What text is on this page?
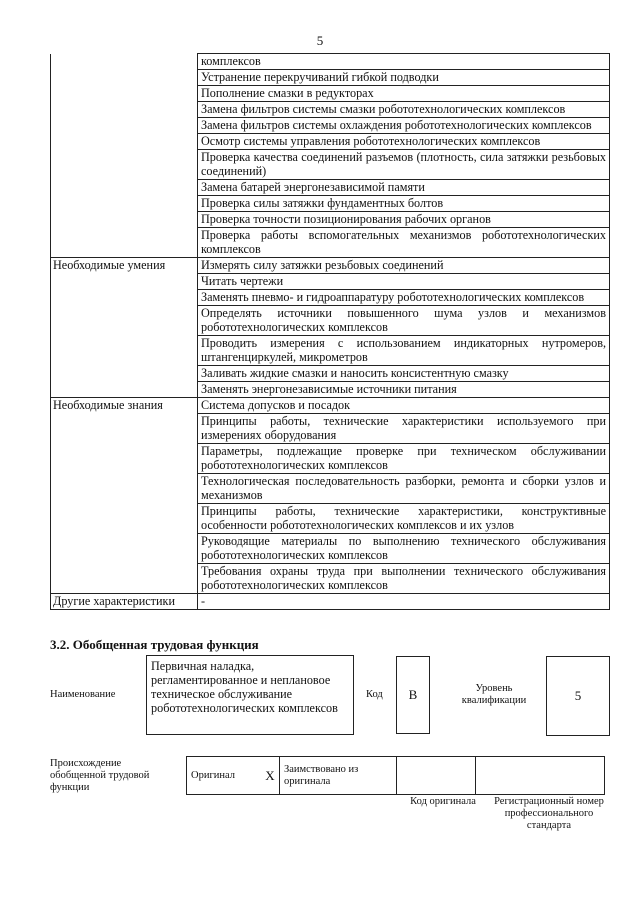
5
	комплексов
	Устранение перекручиваний гибкой подводки
	Пополнение смазки в редукторах
	Замена фильтров системы смазки робототехнологических комплексов
	Замена фильтров системы охлаждения робототехнологических комплексов
	Осмотр системы управления робототехнологических комплексов
	Проверка качества соединений разъемов (плотность, сила затяжки резьбовых соединений)
	Замена батарей энергонезависимой памяти
	Проверка силы затяжки фундаментных болтов
	Проверка точности позиционирования рабочих органов
	Проверка работы вспомогательных механизмов робототехнологических комплексов
Необходимые умения	Измерять силу затяжки резьбовых соединений
	Читать чертежи
	Заменять пневмо- и гидроаппаратуру робототехнологических комплексов
	Определять источники повышенного шума узлов и механизмов робототехнологических комплексов
	Проводить измерения с использованием индикаторных нутромеров, штангенциркулей, микрометров
	Заливать жидкие смазки и наносить консистентную смазку
	Заменять энергонезависимые источники питания
Необходимые знания	Система допусков и посадок
	Принципы работы, технические характеристики используемого при измерениях оборудования
	Параметры, подлежащие проверке при техническом обслуживании робототехнологических комплексов
	Технологическая последовательность разборки, ремонта и сборки узлов и механизмов
	Принципы работы, технические характеристики, конструктивные особенности робототехнологических комплексов и их узлов
	Руководящие материалы по выполнению технического обслуживания робототехнологических комплексов
	Требования охраны труда при выполнении технического обслуживания робототехнологических комплексов
Другие характеристики	-
3.2. Обобщенная трудовая функция
Наименование
Первичная наладка, регламентированное и неплановое техническое обслуживание робототехнологических комплексов
Код	B	Уровень квалификации	5
Происхождение обобщенной трудовой функции
Оригинал	X	Заимствовано из оригинала		
Код оригинала	Регистрационный номер профессионального стандарта
